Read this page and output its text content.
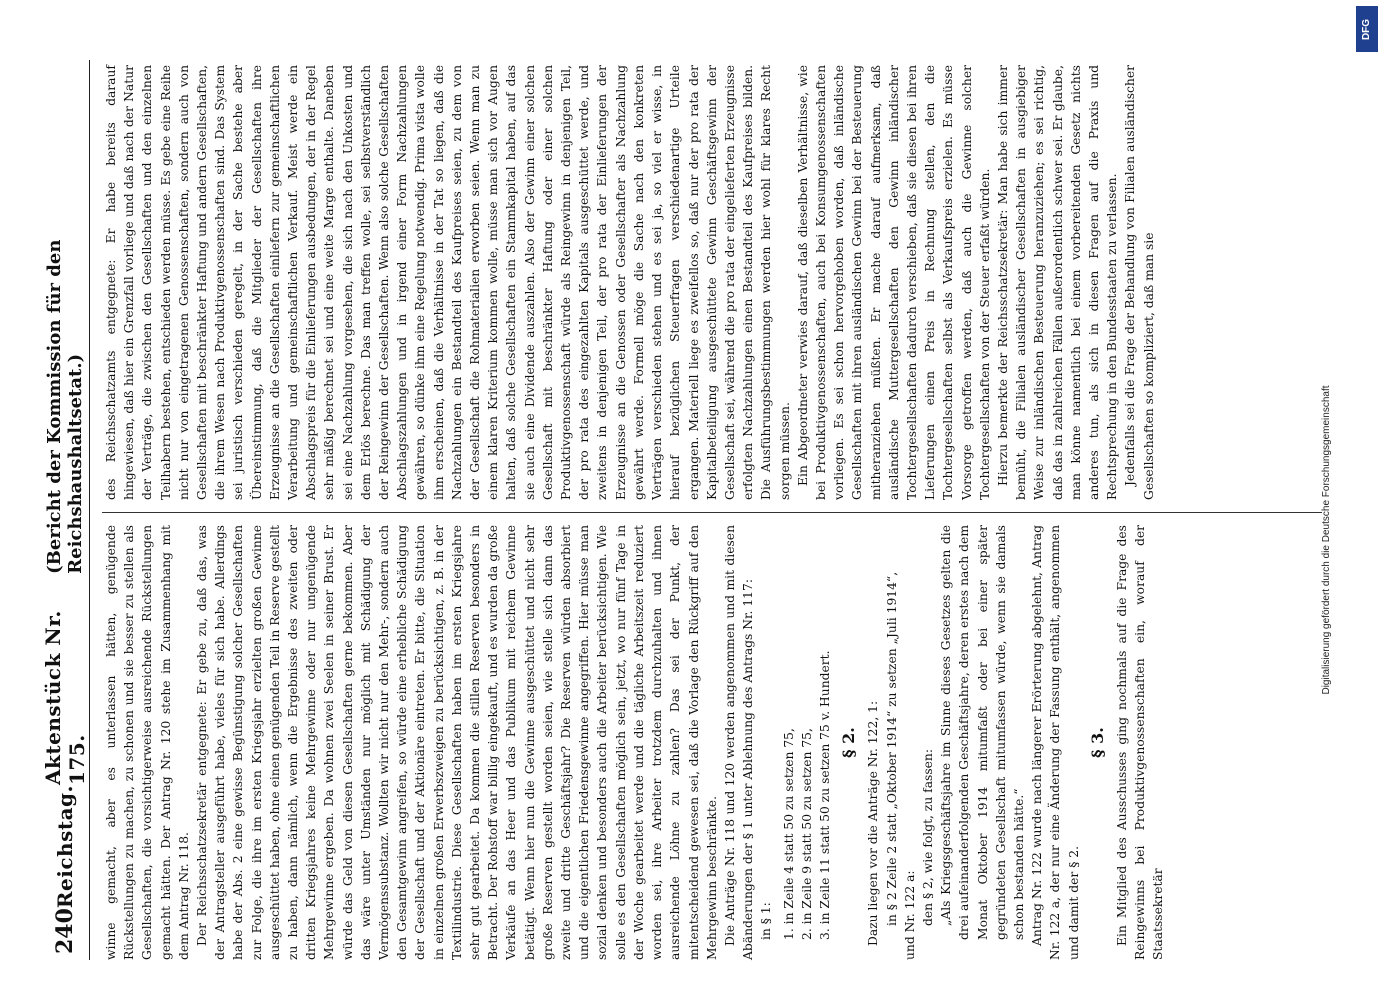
240
Reichstag.
Aktenstück Nr. 175.
(Bericht der Kommission für den Reichshaushaltsetat.)

winne gemacht, aber es unterlassen hätten, genügende Rückstellungen zu machen, zu schonen und sie besser zu stellen als Gesellschaften, die vorsichtigerweise ausreichende Rückstellungen gemacht hätten. Der Antrag Nr. 120 stehe im Zusammenhang mit dem Antrag Nr. 118. Der Reichsschatzsekretär entgegnete: Er gebe zu, daß das, was der Antragsteller ausgeführt habe, vieles für sich habe. Allerdings habe der Abs. 2 eine gewisse Begünstigung solcher Gesellschaften zur Folge, die ihre im ersten Kriegsjahr erzielten großen Gewinne ausgeschüttet haben, ohne einen genügenden Teil in Reserve gestellt zu haben, dann nämlich, wenn die Ergebnisse des zweiten oder dritten Kriegsjahres keine Mehrgewinne oder nur ungenügende Mehrgewinne ergeben. Da wohnen zwei Seelen in seiner Brust. Er würde das Geld von diesen Gesellschaften gerne bekommen. Aber das wäre unter Umständen nur möglich mit Schädigung der Vermögenssubstanz. Wollten wir nicht nur den Mehr-, sondern auch den Gesamtgewinn angreifen, so würde eine erhebliche Schädigung der Gesellschaft und der Aktionäre eintreten. Er bitte, die Situation in einzelnen großen Erwerbszweigen zu berücksichtigen, z. B. in der Textilindustrie. Diese Gesellschaften haben im ersten Kriegsjahre sehr gut gearbeitet. Da kommen die stillen Reserven besonders in Betracht. Der Rohstoff war billig eingekauft, und es wurden da große Verkäufe an das Heer und das Publikum mit reichem Gewinne betätigt. Wenn hier nun die Gewinne ausgeschüttet und nicht sehr große Reserven gestellt worden seien, wie stelle sich dann das zweite und dritte Geschäftsjahr? Die Reserven würden absorbiert und die eigentlichen Friedensgewinne angegriffen. Hier müsse man sozial denken und besonders auch die Arbeiter berücksichtigen. Wie solle es den Gesellschaften möglich sein, jetzt, wo nur fünf Tage in der Woche gearbeitet werde und die tägliche Arbeitszeit reduziert worden sei, ihre Arbeiter trotzdem durchzuhalten und ihnen ausreichende Löhne zu zahlen? Das sei der Punkt, der mitentscheidend gewesen sei, daß die Vorlage den Rückgriff auf den Mehrgewinn beschränkte. Die Anträge Nr. 118 und 120 werden angenommen und mit diesen Abänderungen der § 1 unter Ablehnung des Antrags Nr. 117: in § 1: 1. in Zeile 4 statt 50 zu setzen 75, 2. in Zeile 9 statt 50 zu setzen 75, 3. in Zeile 11 statt 50 zu setzen 75 v. Hundert. § 2. Dazu liegen vor die Anträge Nr. 122, 1: in § 2 Zeile 2 statt „Oktober 1914“ zu setzen „Juli 1914“, und Nr. 122 a: den § 2, wie folgt, zu fassen: „Als Kriegsgeschäftsjahre im Sinne dieses Gesetzes gelten die drei aufeinanderfolgenden Geschäftsjahre, deren erstes nach dem Monat Oktober 1914 mitumfaßt oder bei einer später gegründeten Gesellschaft mitumfassen würde, wenn sie damals schon bestanden hätte.“ Antrag Nr. 122 wurde nach längerer Erörterung abgelehnt, Antrag Nr. 122 a, der nur eine Änderung der Fassung enthält, angenommen und damit der § 2.

§ 3. Ein Mitglied des Ausschusses ging nochmals auf die Frage des Reingewinns bei Produktivgenossenschaften ein, worauf der Staatssekretär

des Reichsschatzamts entgegnete: Er habe bereits darauf hingewiesen, daß hier ein Grenzfall vorliege und daß nach der Natur der Verträge, die zwischen den Gesellschaften und den einzelnen Teilhabern bestehen, entschieden werden müsse. Es gebe eine Reihe nicht nur von eingetragenen Genossenschaften, sondern auch von Gesellschaften mit beschränkter Haftung und andern Gesellschaften, die ihrem Wesen nach Produktivgenossenschaften sind. Das System sei juristisch verschieden geregelt, in der Sache bestehe aber Übereinstimmung, daß die Mitglieder der Gesellschaften ihre Erzeugnisse an die Gesellschaften einliefern zur gemeinschaftlichen Verarbeitung und gemeinschaftlichen Verkauf. Meist werde ein Abschlagspreis für die Einlieferungen ausbedungen, der in der Regel sehr mäßig berechnet sei und eine weite Marge enthalte. Daneben sei eine Nachzahlung vorgesehen, die sich nach den Unkosten und dem Erlös berechne. Das man treffen wolle, sei selbstverständlich der Reingewinn der Gesellschaften. Wenn also solche Gesellschaften Abschlagszahlungen und in irgend einer Form Nachzahlungen gewähren, so dünke ihm eine Regelung notwendig. Prima vista wolle ihm erscheinen, daß die Verhältnisse in der Tat so liegen, daß die Nachzahlungen ein Bestandteil des Kaufpreises seien, zu dem von der Gesellschaft die Rohmaterialien erworben seien. Wenn man zu einem klaren Kriterium kommen wolle, müsse man sich vor Augen halten, daß solche Gesellschaften ein Stammkapital haben, auf das sie auch eine Dividende auszahlen. Also der Gewinn einer solchen Gesellschaft mit beschränkter Haftung oder einer solchen Produktivgenossenschaft würde als Reingewinn in denjenigen Teil, der pro rata des eingezahlten Kapitals ausgeschüttet werde, und zweitens in denjenigen Teil, der pro rata der Einlieferungen der Erzeugnisse an die Genossen oder Gesellschafter als Nachzahlung gewährt werde. Formell möge die Sache nach den konkreten Verträgen verschieden stehen und es sei ja, so viel er wisse, in hierauf bezüglichen Steuerfragen verschiedenartige Urteile ergangen. Materiell liege es zweifellos so, daß nur der pro rata der Kapitalbeteiligung ausgeschüttete Gewinn Geschäftsgewinn der Gesellschaft sei, während die pro rata der eingelieferten Erzeugnisse erfolgten Nachzahlungen einen Bestandteil des Kaufpreises bilden. Die Ausführungsbestimmungen werden hier wohl für klares Recht sorgen müssen. Ein Abgeordneter verwies darauf, daß dieselben Verhältnisse, wie bei Produktivgenossenschaften, auch bei Konsumgenossenschaften vorliegen. Es sei schon hervorgehoben worden, daß inländische Gesellschaften mit ihren ausländischen Gewinn bei der Besteuerung mitheranziehen müßten. Er mache darauf aufmerksam, daß ausländische Muttergesellschaften den Gewinn inländischer Tochtergesellschaften dadurch verschieben, daß sie diesen bei ihren Lieferungen einen Preis in Rechnung stellen, den die Tochtergesellschaften selbst als Verkaufspreis erzielen. Es müsse Vorsorge getroffen werden, daß auch die Gewinne solcher Tochtergesellschaften von der Steuer erfaßt würden. Hierzu bemerkte der Reichsschatzsekretär: Man habe sich immer bemüht, die Filialen ausländischer Gesellschaften in ausgiebiger Weise zur inländischen Besteuerung heranzuziehen; es sei richtig, daß das in zahlreichen Fällen außerordentlich schwer sei. Er glaube, man könne namentlich bei einem vorbereitenden Gesetz nichts anderes tun, als sich in diesen Fragen auf die Praxis und Rechtsprechung in den Bundesstaaten zu verlassen. Jedenfalls sei die Frage der Behandlung von Filialen ausländischer Gesellschaften so kompliziert, daß man sie

DFG
Digitalisierung gefördert durch die Deutsche Forschungsgemeinschaft
